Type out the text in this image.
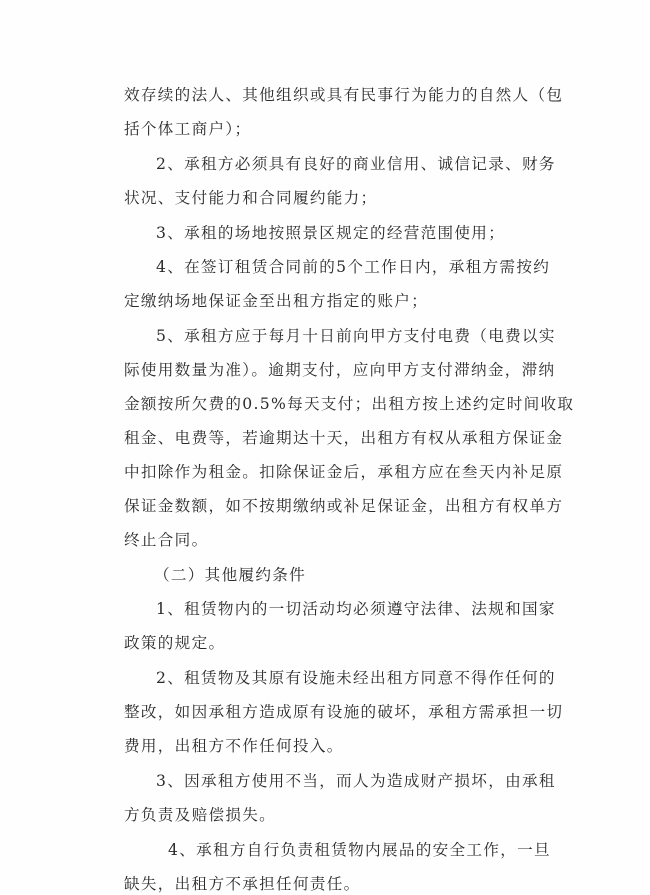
效存续的法人、其他组织或具有民事行为能力的自然人（包
括个体工商户）；
2、承租方必须具有良好的商业信用、诚信记录、财务
状况、支付能力和合同履约能力；
3、承租的场地按照景区规定的经营范围使用；
4、在签订租赁合同前的5个工作日内，承租方需按约
定缴纳场地保证金至出租方指定的账户；
5、承租方应于每月十日前向甲方支付电费（电费以实
际使用数量为准）。逾期支付，应向甲方支付滞纳金，滞纳
金额按所欠费的0.5%每天支付；出租方按上述约定时间收取
租金、电费等，若逾期达十天，出租方有权从承租方保证金
中扣除作为租金。扣除保证金后，承租方应在叁天内补足原
保证金数额，如不按期缴纳或补足保证金，出租方有权单方
终止合同。
（二）其他履约条件
1、租赁物内的一切活动均必须遵守法律、法规和国家
政策的规定。
2、租赁物及其原有设施未经出租方同意不得作任何的
整改，如因承租方造成原有设施的破坏，承租方需承担一切
费用，出租方不作任何投入。
3、因承租方使用不当，而人为造成财产损坏，由承租
方负责及赔偿损失。
4、承租方自行负责租赁物内展品的安全工作，一旦
缺失，出租方不承担任何责任。
